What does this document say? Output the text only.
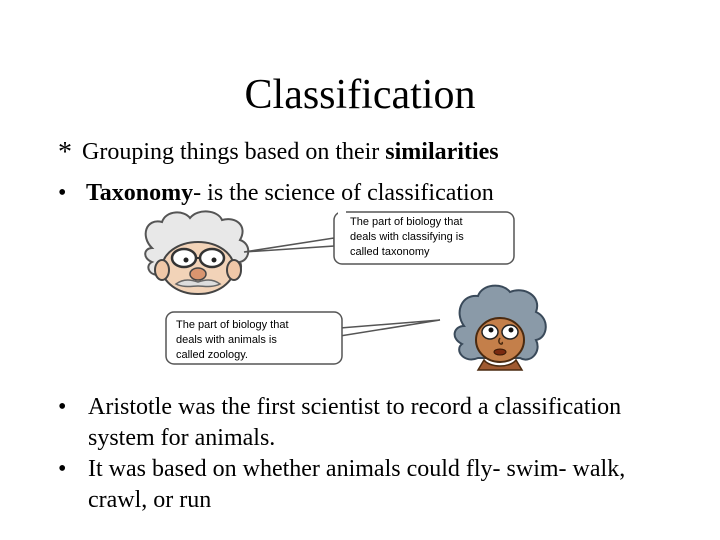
Classification
* Grouping things based on their similarities
• Taxonomy- is the science of classification
The part of biology that
deals with classifying is
called taxonomy
The part of biology that
deals with animals is
called zoology.
• Aristotle was the first scientist to record a classification system for animals.
• It was based on whether animals could fly- swim- walk, crawl, or run
